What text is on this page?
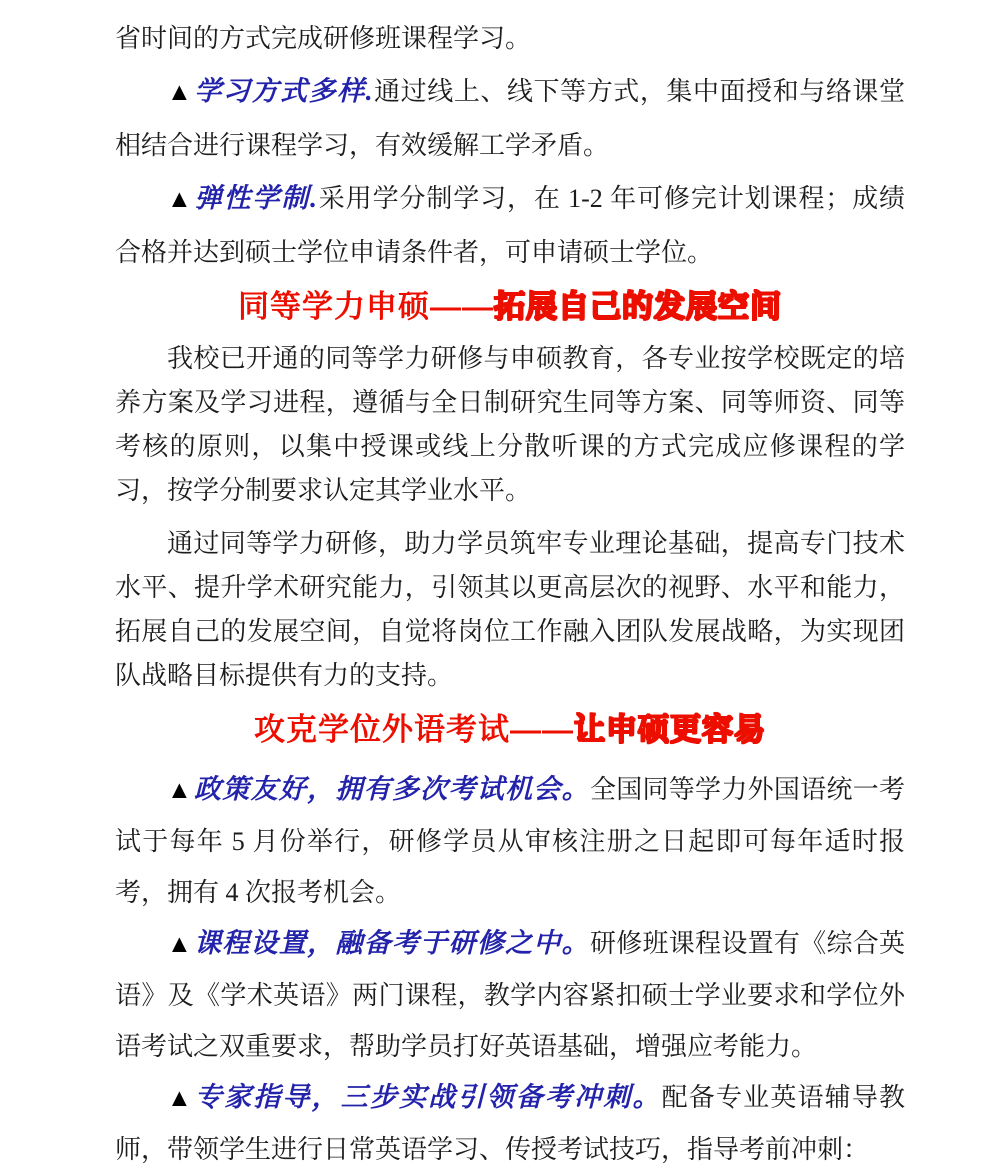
省时间的方式完成研修班课程学习。

▲学习方式多样.通过线上、线下等方式，集中面授和与络课堂相结合进行课程学习，有效缓解工学矛盾。

▲弹性学制.采用学分制学习，在 1-2 年可修完计划课程；成绩合格并达到硕士学位申请条件者，可申请硕士学位。

同等学力申硕——拓展自己的发展空间

我校已开通的同等学力研修与申硕教育，各专业按学校既定的培养方案及学习进程，遵循与全日制研究生同等方案、同等师资、同等考核的原则，以集中授课或线上分散听课的方式完成应修课程的学习，按学分制要求认定其学业水平。

通过同等学力研修，助力学员筑牢专业理论基础，提高专门技术水平、提升学术研究能力，引领其以更高层次的视野、水平和能力，拓展自己的发展空间，自觉将岗位工作融入团队发展战略，为实现团队战略目标提供有力的支持。

攻克学位外语考试——让申硕更容易

▲政策友好，拥有多次考试机会。全国同等学力外国语统一考试于每年 5 月份举行，研修学员从审核注册之日起即可每年适时报考，拥有 4 次报考机会。

▲课程设置，融备考于研修之中。研修班课程设置有《综合英语》及《学术英语》两门课程，教学内容紧扣硕士学业要求和学位外语考试之双重要求，帮助学员打好英语基础，增强应考能力。

▲专家指导，三步实战引领备考冲刺。配备专业英语辅导教师，带领学生进行日常英语学习、传授考试技巧，指导考前冲刺：
